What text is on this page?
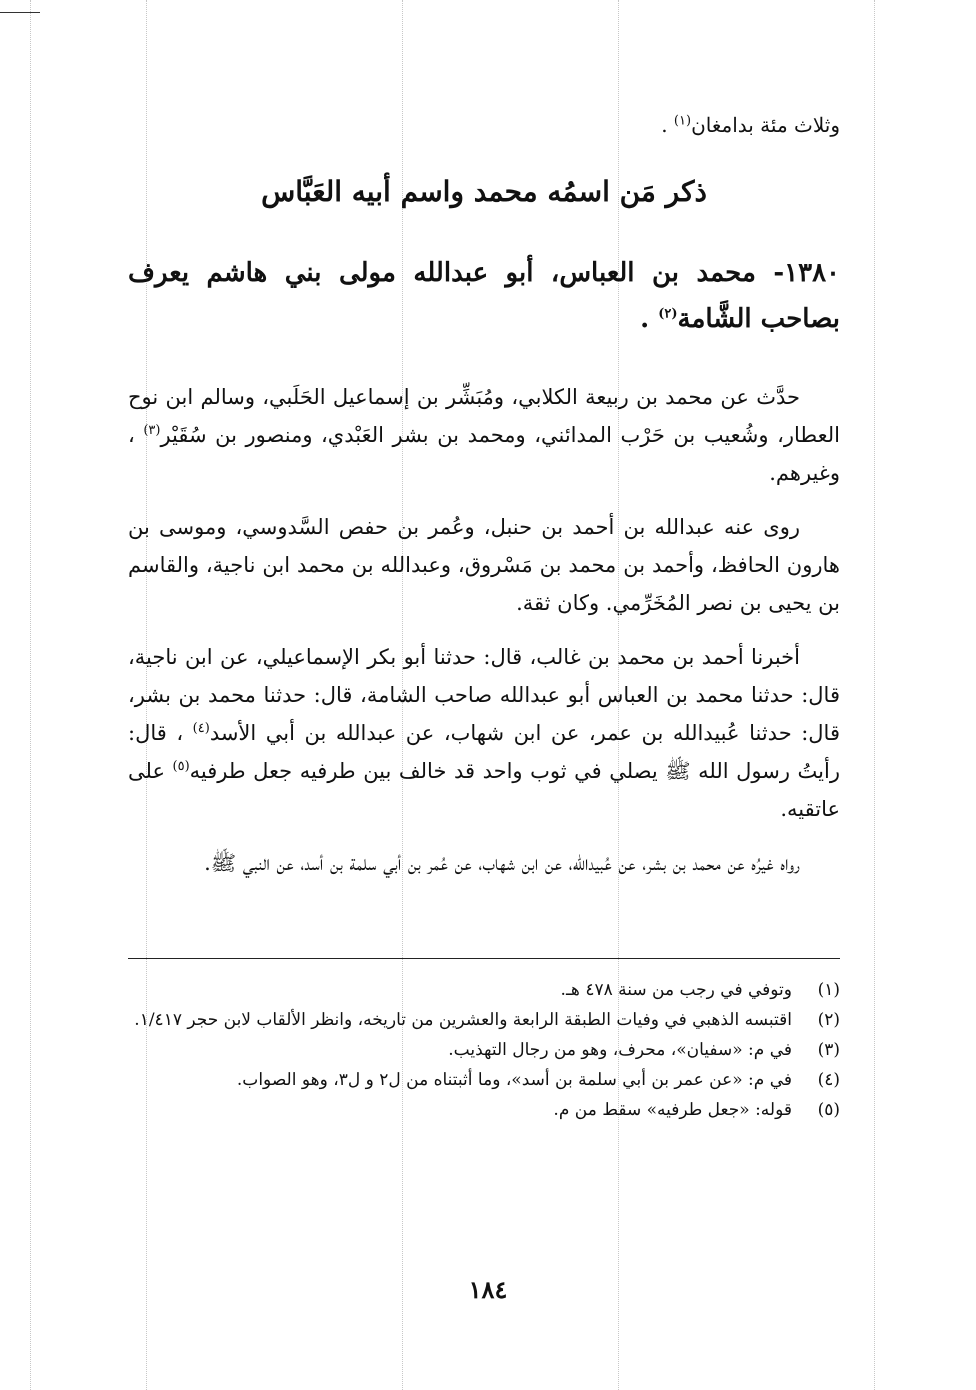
وثلاث مئة بدامغان$^{(١)}$ .

ذكر مَن اسمُه محمد واسم أبيه العَبَّاس

١٣٨٠- محمد بن العباس، أبو عبدالله مولى بني هاشم يعرف بصاحب الشَّامة$^{(٢)}$ .

حدَّث عن محمد بن ربيعة الكلابي، ومُبَشِّر بن إسماعيل الحَلَبي، وسالم ابن نوح العطار، وشُعيب بن حَرْب المدائني، ومحمد بن بشر العَبْدي، ومنصور بن سُقَيْر$^{(٣)}$ ، وغيرهم.

روى عنه عبدالله بن أحمد بن حنبل، وعُمر بن حفص السَّدوسي، وموسى بن هارون الحافظ، وأحمد بن محمد بن مَسْروق، وعبدالله بن محمد ابن ناجية، والقاسم بن يحيى بن نصر المُخَرِّمي. وكان ثقة.

أخبرنا أحمد بن محمد بن غالب، قال: حدثنا أبو بكر الإسماعيلي، عن ابن ناجية، قال: حدثنا محمد بن العباس أبو عبدالله صاحب الشامة، قال: حدثنا محمد بن بشر، قال: حدثنا عُبيدالله بن عمر، عن ابن شهاب، عن عبدالله بن أبي الأسد$^{(٤)}$ ، قال: رأيتُ رسول الله ﷺ يصلي في ثوب واحد قد خالف بين طرفيه جعل طرفيه$^{(٥)}$ على عاتقيه.

رواه غيرُه عن محمد بن بشر، عن عُبيدالله، عن ابن شهاب، عن عُمر بن أبي سلمة بن أسد، عن النبي ﷺ.

(١)
وتوفي في رجب من سنة ٤٧٨ هـ.
(٢)
اقتبسه الذهبي في وفيات الطبقة الرابعة والعشرين من تاريخه، وانظر الألقاب لابن حجر ١/٤١٧.
(٣)
في م: «سفيان»، محرف، وهو من رجال التهذيب.
(٤)
في م: «عن عمر بن أبي سلمة بن أسد»، وما أثبتناه من ل٢ و ل٣، وهو الصواب.
(٥)
قوله: «جعل طرفيه» سقط من م.
١٨٤
